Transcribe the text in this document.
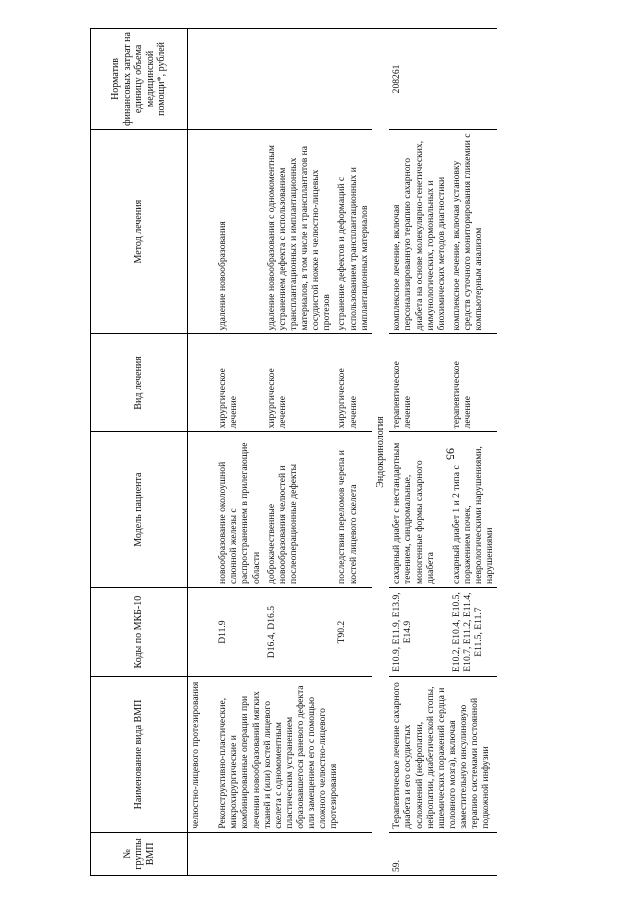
95
№ группы ВМП	Наименование вида ВМП	Коды по МКБ-10	Модель пациента	Вид лечения	Метод лечения	Норматив финансовых затрат на единицу объема медицинской помощи*, рублей
	челюстно-лицевого протезирования					

	Реконструктивно-пластические, микрохирургические и комбинированные операции при лечении новообразований мягких тканей и (или) костей лицевого скелета с одномоментным пластическим устранением образовавшегося раневого дефекта или замещением его с помощью сложного челюстно-лицевого протезирования	D11.9	новообразование околоушной слюнной железы с распространением в прилегающие области	хирургическое лечение	удаление новообразования	
		D16.4, D16.5	доброкачественные новообразования челюстей и послеоперационные дефекты	хирургическое лечение	удаление новообразования с одномоментным устранением дефекта с использованием трансплантационных и имплантационных материалов, в том числе и трансплантатов на сосудистой ножке и челюстно-лицевых протезов	
		T90.2	последствия переломов черепа и костей лицевого скелета	хирургическое лечение	устранение дефектов и деформаций с использованием трансплантационных и имплантационных материалов	
Эндокринология						
59.	Терапевтическое лечение сахарного диабета и его сосудистых осложнений (нефропатии, нейропатии, диабетической стопы, ишемических поражений сердца и головного мозга), включая заместительную инсулиновую терапию системами постоянной подкожной инфузии	E10.9, E11.9, E13.9, E14.9	сахарный диабет с нестандартным течением, синдромальные, моногенные формы сахарного диабета	терапевтическое лечение	комплексное лечение, включая персонализированную терапию сахарного диабета на основе молекулярно-генетических, иммунологических, гормональных и биохимических методов диагностики	208261
		E10.2, E10.4, E10.5, E10.7, E11.2, E11.4, E11.5, E11.7	сахарный диабет 1 и 2 типа с поражением почек, неврологическими нарушениями, нарушениями	терапевтическое лечение	комплексное лечение, включая установку средств суточного мониторирования гликемии с компьютерным анализом	
